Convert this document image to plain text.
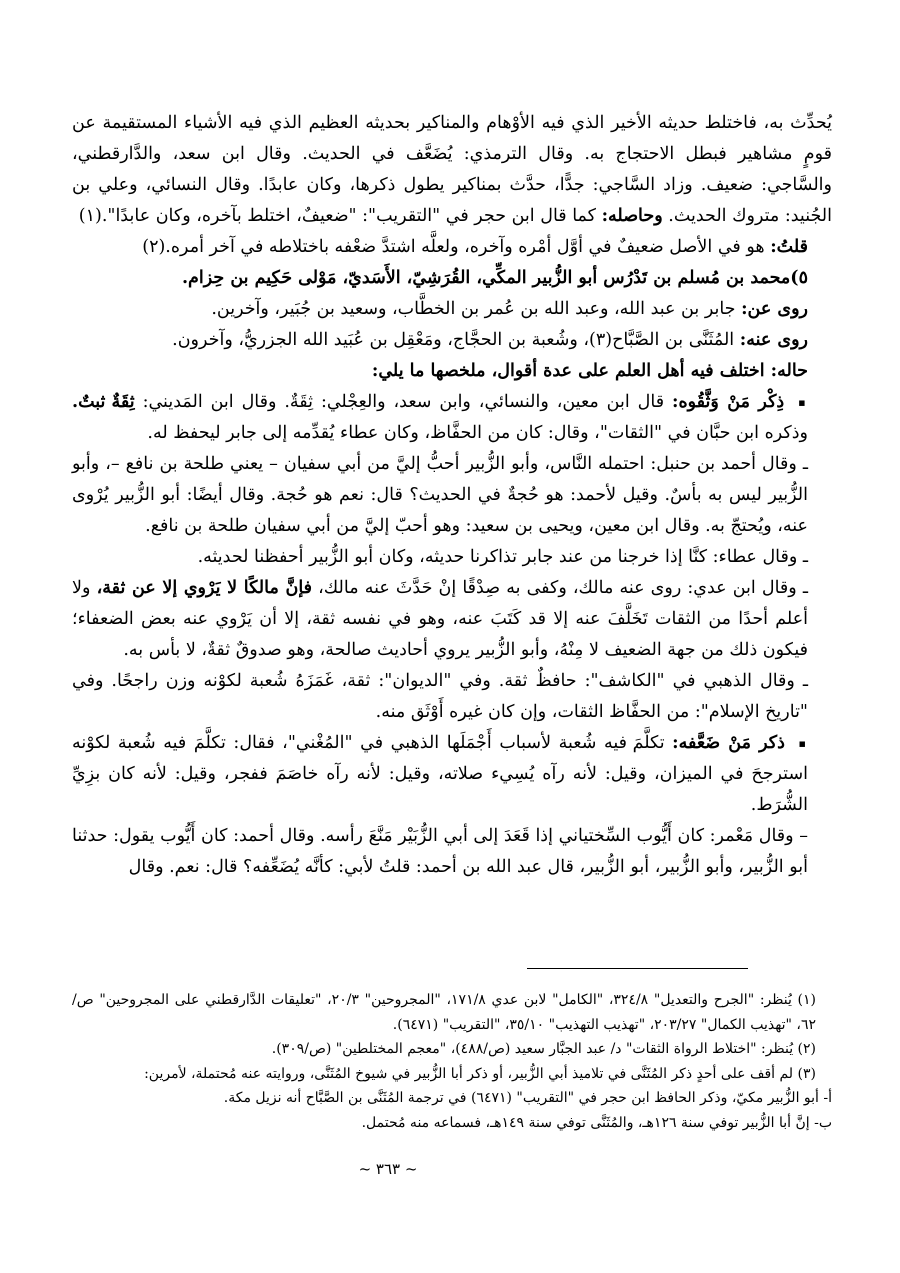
يُحدِّث به، فاختلط حديثه الأخير الذي فيه الأوْهام والمناكير بحديثه العظيم الذي فيه الأشياء المستقيمة عن قومٍ مشاهير فبطل الاحتجاج به. وقال الترمذي: يُضَعَّف في الحديث. وقال ابن سعد، والدَّارقطني، والسَّاجي: ضعيف. وزاد السَّاجي: جدًّا، حدَّث بمناكير يطول ذكرها، وكان عابدًا. وقال النسائي، وعلي بن الجُنيد: متروك الحديث. وحاصله: كما قال ابن حجر في "التقريب": "ضعيفٌ، اختلط بآخره، وكان عابدًا".(١)

قلتُ: هو في الأصل ضعيفٌ في أوَّل أمْره وآخره، ولعلَّه اشتدَّ ضعْفه باختلاطه في آخر أمره.(٢)

٥)محمد بن مُسلم بن تَدْرُس أبو الزُّبير المكِّي، القُرَشِيّ، الأَسَديّ، مَوْلى حَكِيم بن حِزام.

روى عن: جابر بن عبد الله، وعبد الله بن عُمر بن الخطَّاب، وسعيد بن جُبَير، وآخرين.

روى عنه: المُثَنَّى بن الصَّبَّاح(٣)، وشُعبة بن الحجَّاج، ومَعْقِل بن عُبَيد الله الجزريُّ، وآخرون.

حاله: اختلف فيه أهل العلم على عدة أقوال، ملخصها ما يلي:

▪ ذِكْر مَنْ وَثَّقُوه: قال ابن معين، والنسائي، وابن سعد، والعِجْلي: ثِقَةٌ. وقال ابن المَديني: ثِقَةٌ ثبتٌ. وذكره ابن حبَّان في "الثقات"، وقال: كان من الحفَّاظ، وكان عطاء يُقدِّمه إلى جابر ليحفظ له.

ـ وقال أحمد بن حنبل: احتمله النَّاس، وأبو الزُّبير أحبُّ إليَّ من أبي سفيان – يعني طلحة بن نافع –، وأبو الزُّبير ليس به بأسٌ. وقيل لأحمد: هو حُجةٌ في الحديث؟ قال: نعم هو حُجة. وقال أيضًا: أبو الزُّبير يُرْوى عنه، ويُحتجّ به. وقال ابن معين، ويحيى بن سعيد: وهو أحبّ إليَّ من أبي سفيان طلحة بن نافع.

ـ وقال عطاء: كنَّا إذا خرجنا من عند جابر تذاكرنا حديثه، وكان أبو الزُّبير أحفظنا لحديثه.

ـ وقال ابن عدي: روى عنه مالك، وكفى به صِدْقًا إنْ حَدَّثَ عنه مالك، فإنَّ مالكًا لا يَرْوي إلا عن ثقة، ولا أعلم أحدًا من الثقات تَخَلَّفَ عنه إلا قد كَتَبَ عنه، وهو في نفسه ثقة، إلا أن يَرْوي عنه بعض الضعفاء؛ فيكون ذلك من جهة الضعيف لا مِنْهُ، وأبو الزُّبير يروي أحاديث صالحة، وهو صدوقٌ ثقةٌ، لا بأس به.

ـ وقال الذهبي في "الكاشف": حافظٌ ثقة. وفي "الديوان": ثقة، غَمَزَهُ شُعبة لكوْنه وزن راجحًا. وفي "تاريخ الإسلام": من الحفَّاظ الثقات، وإن كان غيره أَوْثَق منه.

▪ ذكر مَنْ ضَعَّفه: تكلَّمَ فيه شُعبة لأسباب أَجْمَلَها الذهبي في "المُغْني"، فقال: تكلَّمَ فيه شُعبة لكوْنه استرجحَ في الميزان، وقيل: لأنه رآه يُسِيء صلاته، وقيل: لأنه رآه خاصَمَ ففجر، وقيل: لأنه كان بزِيِّ الشُّرَط.

– وقال مَعْمر: كان أَيُّوب السِّختياني إذا قَعَدَ إلى أبي الزُّبَيْر مَنَّعَ رأسه. وقال أحمد: كان أَيُّوب يقول: حدثنا أبو الزُّبير، وأبو الزُّبير، أبو الزُّبير، قال عبد الله بن أحمد: قلتُ لأبي: كأنَّه يُضَعِّفه؟ قال: نعم. وقال

(١) يُنظر: "الجرح والتعديل" ٣٢٤/٨، "الكامل" لابن عدي ١٧١/٨، "المجروحين" ٢٠/٣، "تعليقات الدَّارقطني على المجروحين" ص/٦٢، "تهذيب الكمال" ٢٠٣/٢٧، "تهذيب التهذيب" ٣٥/١٠، "التقريب" (٦٤٧١).

(٢) يُنظر: "اختلاط الرواة الثقات" د/ عبد الجبَّار سعيد (ص/٤٨٨)، "معجم المختلطين" (ص/٣٠٩).

(٣) لم أقف على أحدٍ ذكر المُثَنَّى في تلاميذ أبي الزُّبير، أو ذكر أبا الزُّبير في شيوخ المُثَنَّى، وروايته عنه مُحتملة، لأمرين:

أ- أبو الزُّبير مكيّ، وذكر الحافظ ابن حجر في "التقريب" (٦٤٧١) في ترجمة المُثَنَّى بن الصَّبَّاح أنه نزيل مكة.

ب- إنَّ أبا الزُّبير توفي سنة ١٢٦هـ، والمُثَنَّى توفي سنة ١٤٩هـ، فسماعه منه مُحتمل.

~ ٣٦٣ ~
